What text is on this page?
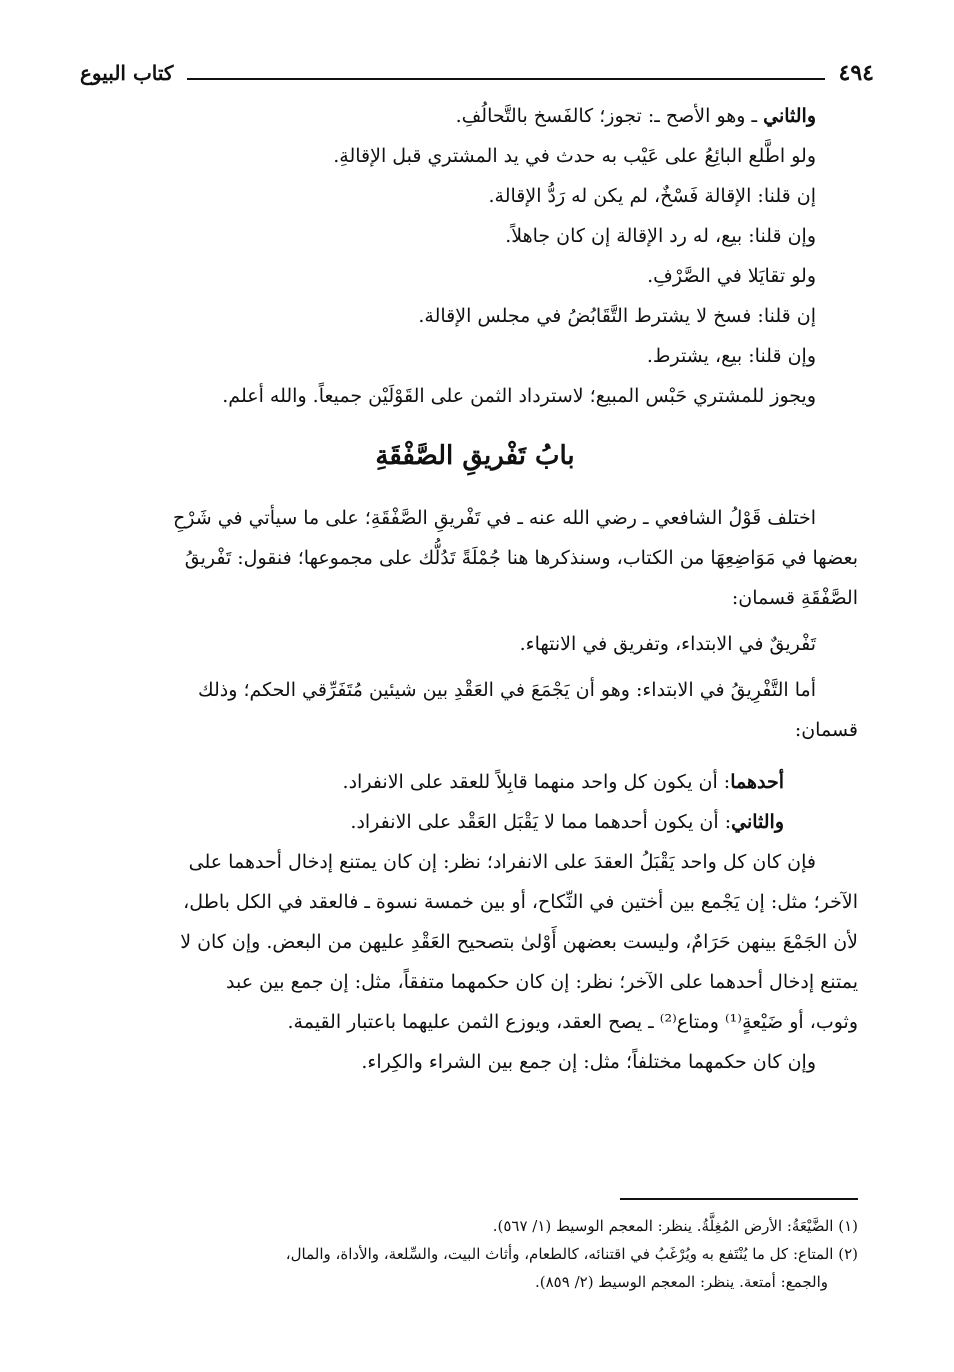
٤٩٤
كتاب البيوع

والثاني ـ وهو الأصح ـ: تجوز؛ كالفَسخ بالتَّحالُفِ.

ولو اطَّلع البائِعُ على عَيْب به حدث في يد المشتري قبل الإقالةِ.

إن قلنا: الإقالة فَسْخٌ، لم يكن له رَدُّ الإقالة.

وإن قلنا: بيع، له رد الإقالة إن كان جاهلاً.

ولو تقايَلا في الصَّرْفِ.

إن قلنا: فسخ لا يشترط التَّقَابُضُ في مجلس الإقالة.

وإن قلنا: بيع، يشترط.

ويجوز للمشتري حَبْس المبيع؛ لاسترداد الثمن على القَوْلَيْن جميعاً. والله أعلم.

بابُ تَفْريقِ الصَّفْقَةِ

اختلف قَوْلُ الشافعي ـ رضي الله عنه ـ في تَفْريقِ الصَّفْقَةِ؛ على ما سيأتي في شَرْحِ

بعضها في مَوَاضِعِهَا من الكتاب، وسنذكرها هنا جُمْلَةً تَدُلُّك على مجموعها؛ فنقول: تَفْريقُ

الصَّفْقَةِ قسمان:

تَفْريقٌ في الابتداء، وتفريق في الانتهاء.

أما التَّفْرِيقُ في الابتداء: وهو أن يَجْمَعَ في العَقْدِ بين شيئين مُتَفَرِّقي الحكم؛ وذلك

قسمان:

أحدهما: أن يكون كل واحد منهما قابِلاً للعقد على الانفراد.

والثاني: أن يكون أحدهما مما لا يَقْبَل العَقْد على الانفراد.

فإن كان كل واحد يَقْبَلُ العقدَ على الانفراد؛ نظر: إن كان يمتنع إدخال أحدهما على

الآخر؛ مثل: إن يَجْمع بين أختين في النِّكاح، أو بين خمسة نسوة ـ فالعقد في الكل باطل،

لأن الجَمْعَ بينهن حَرَامٌ، وليست بعضهن أَوْلىٰ بتصحيح العَقْدِ عليهن من البعض. وإن كان لا

يمتنع إدخال أحدهما على الآخر؛ نظر: إن كان حكمهما متفقاً، مثل: إن جمع بين عبد

وثوب، أو ضَيْعةٍ⁽¹⁾ ومتاع⁽²⁾ ـ يصح العقد، ويوزع الثمن عليهما باعتبار القيمة.

وإن كان حكمهما مختلفاً؛ مثل: إن جمع بين الشراء والكِراء.

(١) الضَّيْعَةُ: الأرض المُغِلَّةُ. ينظر: المعجم الوسيط (١/ ٥٦٧).
(٢) المتاع: كل ما يُنْتَفع به ويُرْغَبُ في اقتنائه، كالطعام، وأثاث البيت، والسِّلعة، والأداة، والمال،
والجمع: أمتعة. ينظر: المعجم الوسيط (٢/ ٨٥٩).
